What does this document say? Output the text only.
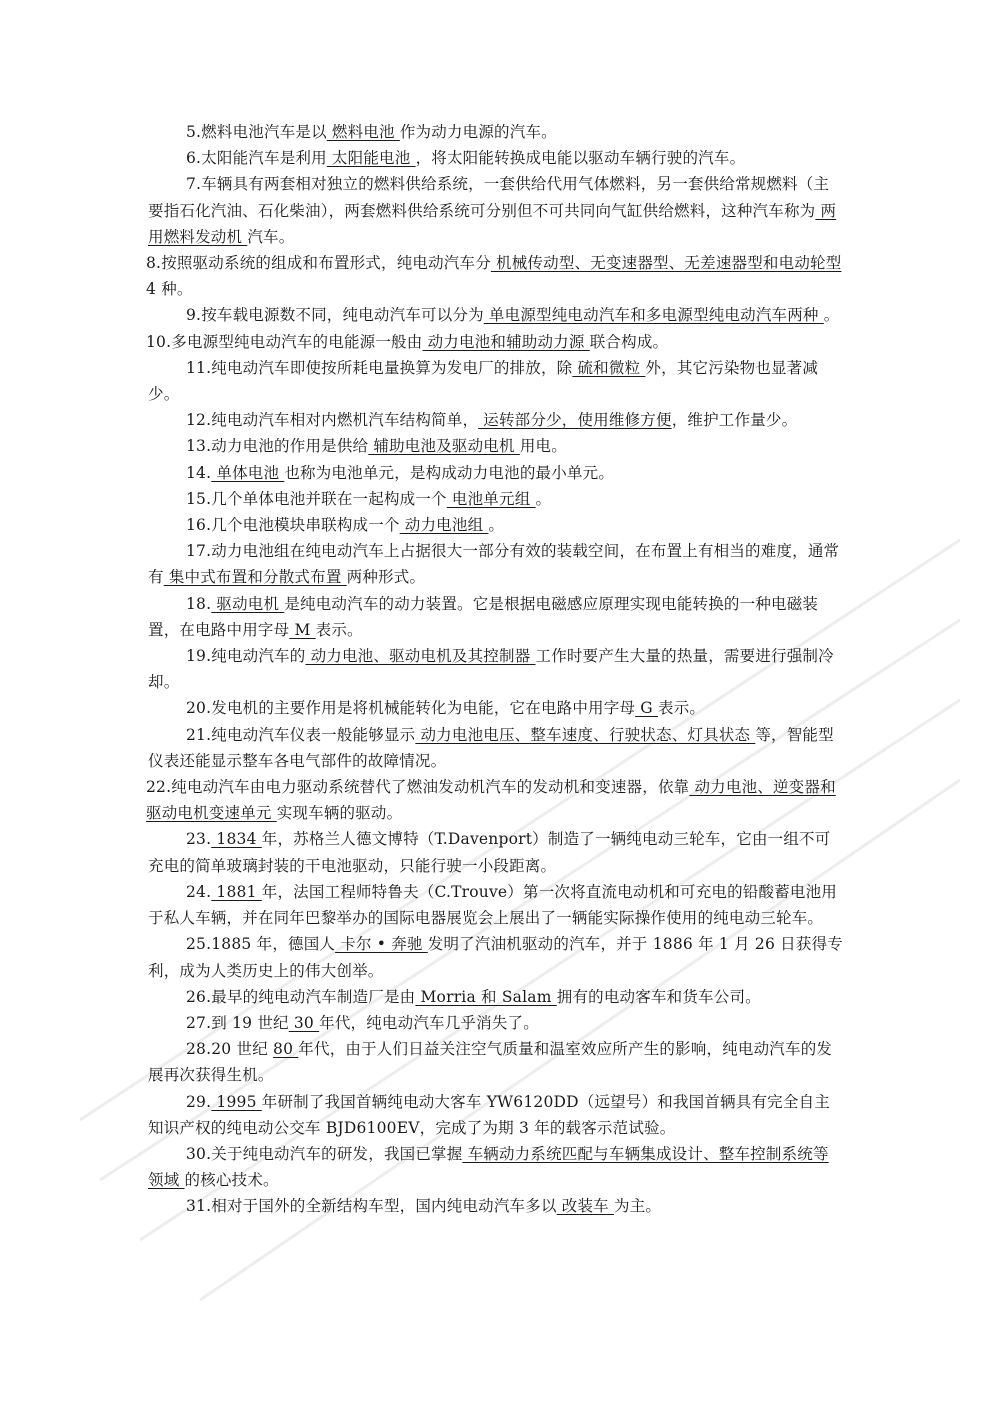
5.燃料电池汽车是以 燃料电池 作为动力电源的汽车。

6.太阳能汽车是利用 太阳能电池 ，将太阳能转换成电能以驱动车辆行驶的汽车。

7.车辆具有两套相对独立的燃料供给系统，一套供给代用气体燃料，另一套供给常规燃料（主要指石化汽油、石化柴油），两套燃料供给系统可分别但不可共同向气缸供给燃料，这种汽车称为 两用燃料发动机 汽车。

8.按照驱动系统的组成和布置形式，纯电动汽车分 机械传动型、无变速器型、无差速器型和电动轮型 4 种。

9.按车载电源数不同，纯电动汽车可以分为 单电源型纯电动汽车和多电源型纯电动汽车两种 。

10.多电源型纯电动汽车的电能源一般由 动力电池和辅助动力源 联合构成。

11.纯电动汽车即使按所耗电量换算为发电厂的排放，除 硫和微粒 外，其它污染物也显著减少。

12.纯电动汽车相对内燃机汽车结构简单， 运转部分少，使用维修方便，维护工作量少。

13.动力电池的作用是供给 辅助电池及驱动电机 用电。

14. 单体电池 也称为电池单元，是构成动力电池的最小单元。

15.几个单体电池并联在一起构成一个 电池单元组 。

16.几个电池模块串联构成一个 动力电池组 。

17.动力电池组在纯电动汽车上占据很大一部分有效的装载空间，在布置上有相当的难度，通常有 集中式布置和分散式布置 两种形式。

18. 驱动电机 是纯电动汽车的动力装置。它是根据电磁感应原理实现电能转换的一种电磁装置，在电路中用字母 M 表示。

19.纯电动汽车的 动力电池、驱动电机及其控制器 工作时要产生大量的热量，需要进行强制冷却。

20.发电机的主要作用是将机械能转化为电能，它在电路中用字母 G 表示。

21.纯电动汽车仪表一般能够显示 动力电池电压、整车速度、行驶状态、灯具状态 等，智能型仪表还能显示整车各电气部件的故障情况。

22.纯电动汽车由电力驱动系统替代了燃油发动机汽车的发动机和变速器，依靠 动力电池、逆变器和驱动电机变速单元 实现车辆的驱动。

23. 1834 年，苏格兰人德文博特（T.Davenport）制造了一辆纯电动三轮车，它由一组不可充电的简单玻璃封装的干电池驱动，只能行驶一小段距离。

24. 1881 年，法国工程师特鲁夫（C.Trouve）第一次将直流电动机和可充电的铅酸蓄电池用于私人车辆，并在同年巴黎举办的国际电器展览会上展出了一辆能实际操作使用的纯电动三轮车。

25.1885 年，德国人 卡尔 • 奔驰 发明了汽油机驱动的汽车，并于 1886 年 1 月 26 日获得专利，成为人类历史上的伟大创举。

26.最早的纯电动汽车制造厂是由 Morria 和 Salam 拥有的电动客车和货车公司。

27.到 19 世纪 30 年代，纯电动汽车几乎消失了。

28.20 世纪 80 年代，由于人们日益关注空气质量和温室效应所产生的影响，纯电动汽车的发展再次获得生机。

29. 1995 年研制了我国首辆纯电动大客车 YW6120DD（远望号）和我国首辆具有完全自主知识产权的纯电动公交车 BJD6100EV，完成了为期 3 年的载客示范试验。

30.关于纯电动汽车的研发，我国已掌握 车辆动力系统匹配与车辆集成设计、整车控制系统等领域 的核心技术。

31.相对于国外的全新结构车型，国内纯电动汽车多以 改装车 为主。
